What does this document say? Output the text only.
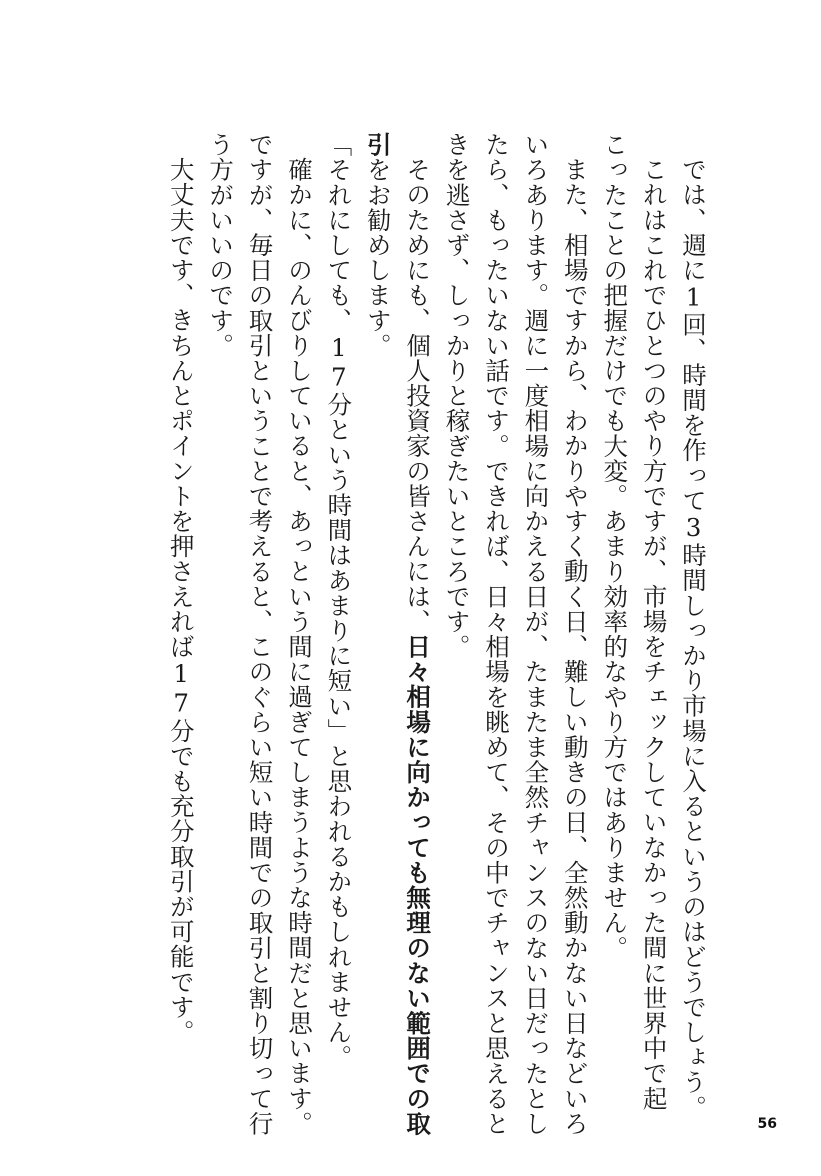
では、週に1回、時間を作って3時間しっかり市場に入るというのはどうでしょう。
これはこれでひとつのやり方ですが、市場をチェックしていなかった間に世界中で起
こったことの把握だけでも大変。あまり効率的なやり方ではありません。
また、相場ですから、わかりやすく動く日、難しい動きの日、全然動かない日などいろ
いろあります。週に一度相場に向かえる日が、たまたま全然チャンスのない日だったとし
たら、もったいない話です。できれば、日々相場を眺めて、その中でチャンスと思えると
きを逃さず、しっかりと稼ぎたいところです。
そのためにも、個人投資家の皆さんには、日々相場に向かっても無理のない範囲での取
引をお勧めします。
「それにしても、17分という時間はあまりに短い」と思われるかもしれません。
確かに、のんびりしていると、あっという間に過ぎてしまうような時間だと思います。
ですが、毎日の取引ということで考えると、このぐらい短い時間での取引と割り切って行
う方がいいのです。
大丈夫です、きちんとポイントを押さえれば17分でも充分取引が可能です。
56
